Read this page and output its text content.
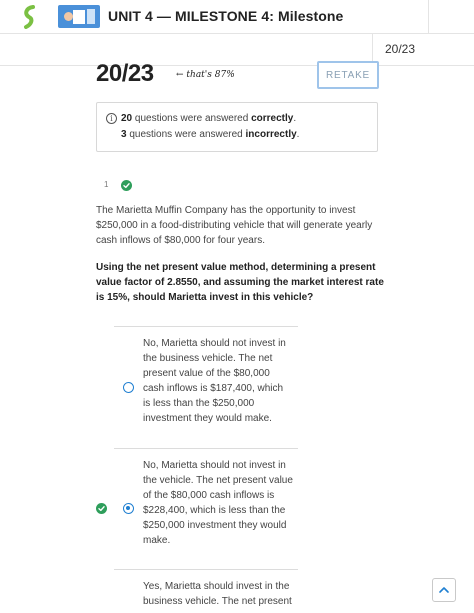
UNIT 4 — MILESTONE 4: Milestone
20/23
20/23 ← that's 87%	RETAKE
i 20 questions were answered correctly.
3 questions were answered incorrectly.
1
The Marietta Muffin Company has the opportunity to invest $250,000 in a food-distributing vehicle that will generate yearly cash inflows of $80,000 for four years.
Using the net present value method, determining a present value factor of 2.8550, and assuming the market interest rate is 15%, should Marietta invest in this vehicle?
No, Marietta should not invest in the business vehicle. The net present value of the $80,000 cash inflows is $187,400, which is less than the $250,000 investment they would make.
No, Marietta should not invest in the vehicle. The net present value of the $80,000 cash inflows is $228,400, which is less than the $250,000 investment they would make.
Yes, Marietta should invest in the business vehicle. The net present
